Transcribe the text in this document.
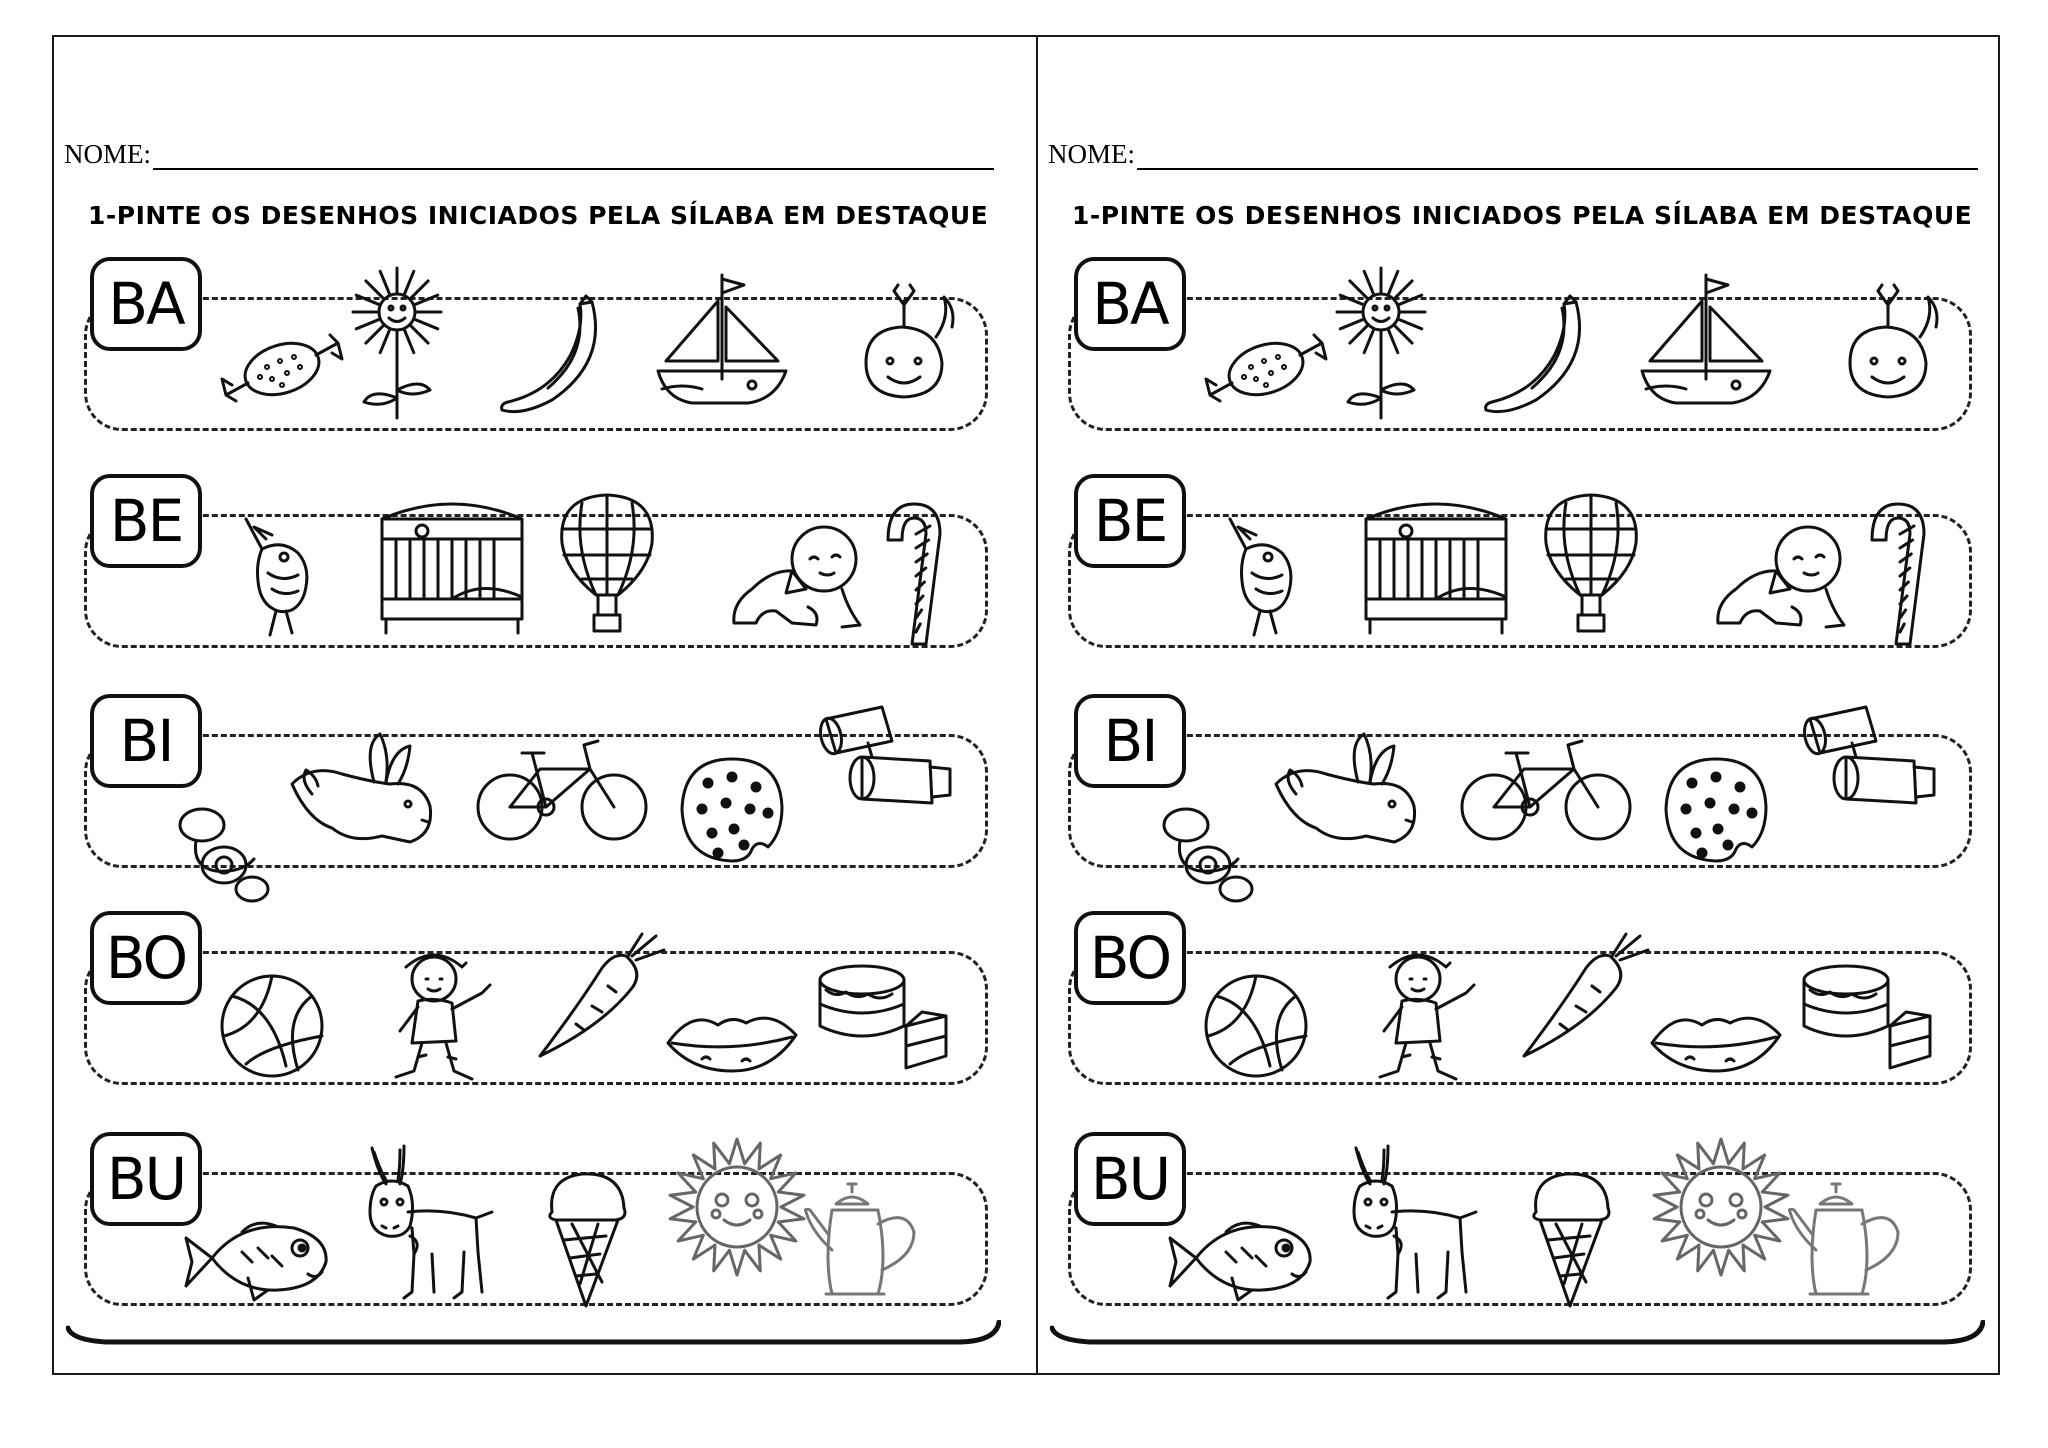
NOME:
1-PINTE OS DESENHOS INICIADOS PELA SÍLABA EM DESTAQUE
BA
BE
BI
BO
BU
NOME:
1-PINTE OS DESENHOS INICIADOS PELA SÍLABA EM DESTAQUE
BA
BE
BI
BO
BU
